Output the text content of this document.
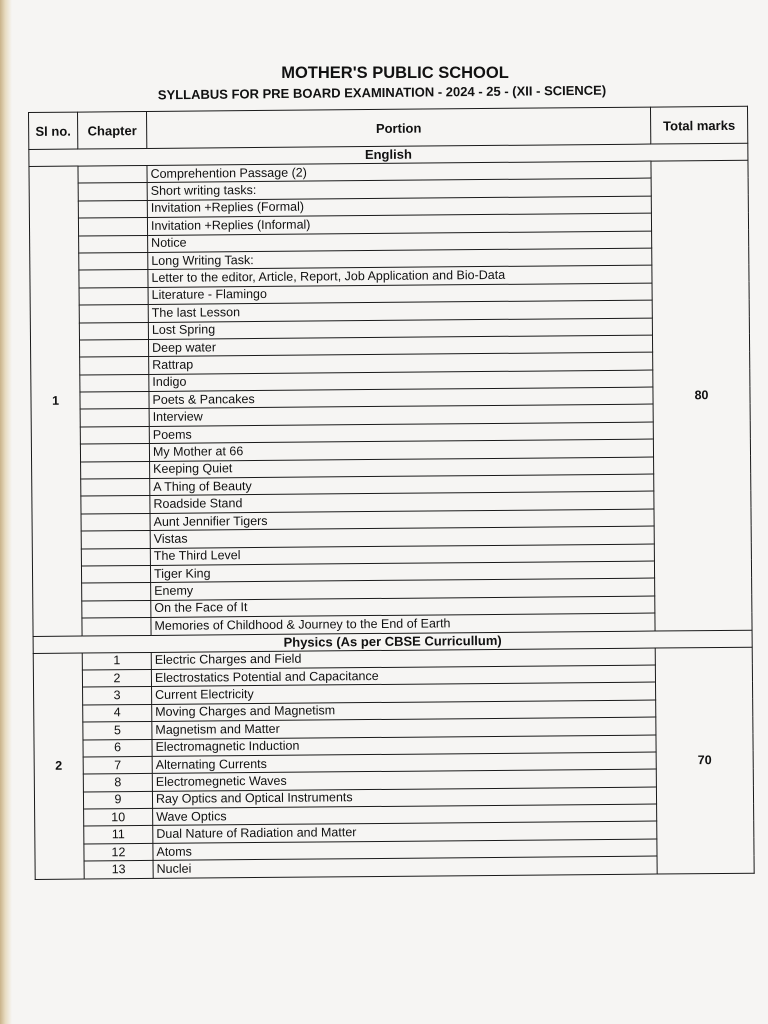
MOTHER'S PUBLIC SCHOOL
SYLLABUS FOR PRE BOARD EXAMINATION - 2024 - 25 - (XII - SCIENCE)
Sl no.	Chapter	Portion	Total marks
English			
1		Comprehention Passage (2)	80
		Short writing tasks:	
		Invitation +Replies (Formal)	
		Invitation +Replies (Informal)	
		Notice	
		Long Writing Task:	
		Letter to the editor, Article, Report, Job Application and Bio-Data	
		Literature - Flamingo	
		The last Lesson	
		Lost Spring	
		Deep water	
		Rattrap	
		Indigo	
		Poets & Pancakes	
		Interview	
		Poems	
		My Mother at 66	
		Keeping Quiet	
		A Thing of Beauty	
		Roadside Stand	
		Aunt Jennifier Tigers	
		Vistas	
		The Third Level	
		Tiger King	
		Enemy	
		On the Face of It	
		Memories of Childhood & Journey to the End of Earth	
Physics (As per CBSE Curricullum)			
2	1	Electric Charges and Field	70
	2	Electrostatics Potential and Capacitance	
	3	Current Electricity	
	4	Moving Charges and Magnetism	
	5	Magnetism and Matter	
	6	Electromagnetic Induction	
	7	Alternating Currents	
	8	Electromegnetic Waves	
	9	Ray Optics and Optical Instruments	
	10	Wave Optics	
	11	Dual Nature of Radiation and Matter	
	12	Atoms	
	13	Nuclei	
